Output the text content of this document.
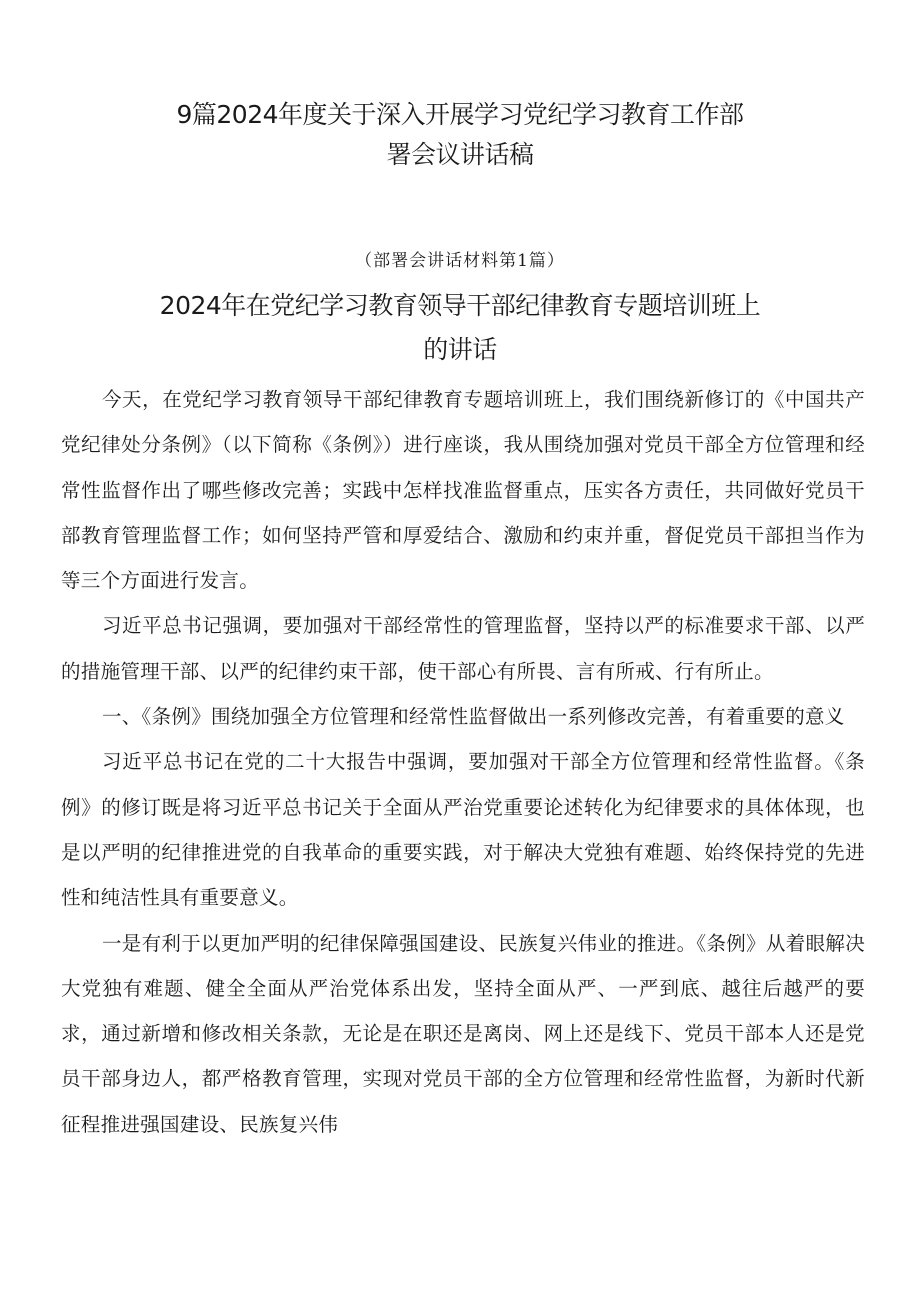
9篇2024年度关于深入开展学习党纪学习教育工作部
署会议讲话稿
（部署会讲话材料第1篇）
2024年在党纪学习教育领导干部纪律教育专题培训班上
的讲话

今天，在党纪学习教育领导干部纪律教育专题培训班上，我们围绕新修订的《中国共产党纪律处分条例》（以下简称《条例》）进行座谈，我从围绕加强对党员干部全方位管理和经常性监督作出了哪些修改完善；实践中怎样找准监督重点，压实各方责任，共同做好党员干部教育管理监督工作；如何坚持严管和厚爱结合、激励和约束并重，督促党员干部担当作为等三个方面进行发言。

习近平总书记强调，要加强对干部经常性的管理监督，坚持以严的标准要求干部、以严的措施管理干部、以严的纪律约束干部，使干部心有所畏、言有所戒、行有所止。

一、《条例》围绕加强全方位管理和经常性监督做出一系列修改完善，有着重要的意义

习近平总书记在党的二十大报告中强调，要加强对干部全方位管理和经常性监督。《条例》的修订既是将习近平总书记关于全面从严治党重要论述转化为纪律要求的具体体现，也是以严明的纪律推进党的自我革命的重要实践，对于解决大党独有难题、始终保持党的先进性和纯洁性具有重要意义。

一是有利于以更加严明的纪律保障强国建设、民族复兴伟业的推进。《条例》从着眼解决大党独有难题、健全全面从严治党体系出发，坚持全面从严、一严到底、越往后越严的要求，通过新增和修改相关条款，无论是在职还是离岗、网上还是线下、党员干部本人还是党员干部身边人，都严格教育管理，实现对党员干部的全方位管理和经常性监督，为新时代新征程推进强国建设、民族复兴伟
